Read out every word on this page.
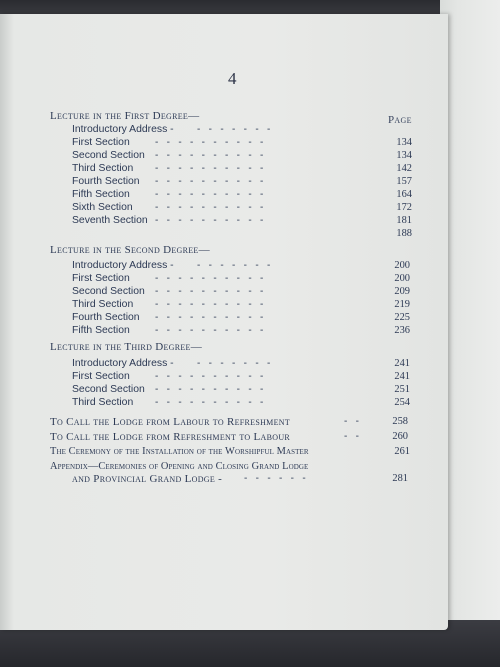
4
Page
Lecture in the First Degree—
Introductory Address - -   -   -   -   -   -   -
First Section	-   -   -   -   -   -   -   -   -   -	134
Second Section -   -   -   -   -   -   -   -   -   -	134
Third Section -   -   -   -   -   -   -   -   -   -	142
Fourth Section -   -   -   -   -   -   -   -   -   -	157
Fifth Section	-   -   -   -   -   -   -   -   -   -	164
Sixth Section -   -   -   -   -   -   -   -   -   -	172
Seventh Section -   -   -   -   -   -   -   -   -   -	181
188
Lecture in the Second Degree—
Introductory Address - -   -   -   -   -   -   -	200
First Section	-   -   -   -   -   -   -   -   -   -	200
Second Section -   -   -   -   -   -   -   -   -   -	209
Third Section -   -   -   -   -   -   -   -   -   -	219
Fourth Section -   -   -   -   -   -   -   -   -   -	225
Fifth Section	-   -   -   -   -   -   -   -   -   -	236
Lecture in the Third Degree—
Introductory Address - -   -   -   -   -   -   -	241
First Section	-   -   -   -   -   -   -   -   -   -	241
Second Section -   -   -   -   -   -   -   -   -   -	251
Third Section -   -   -   -   -   -   -   -   -   -	254
To Call the Lodge from Labour to Refreshment	-   -	258
To Call the Lodge from Refreshment to Labour	-   -	260
The Ceremony of the Installation of the Worshipful Master	261
Appendix—Ceremonies of Opening and Closing Grand Lodge
and Provincial Grand Lodge - -   -   -   -   -   -	281
